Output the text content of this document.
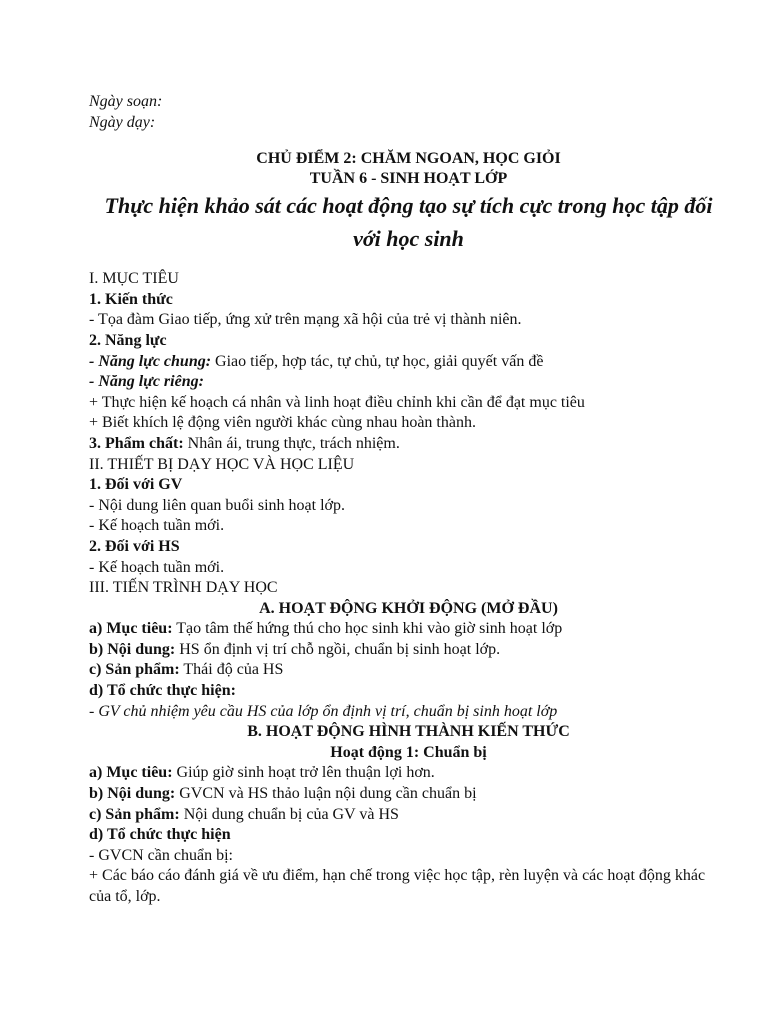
Ngày soạn:
Ngày dạy:
CHỦ ĐIỂM 2: CHĂM NGOAN, HỌC GIỎI
TUẦN 6 - SINH HOẠT LỚP
Thực hiện khảo sát các hoạt động tạo sự tích cực trong học tập đối với học sinh
I. MỤC TIÊU
1. Kiến thức
- Tọa đàm Giao tiếp, ứng xử trên mạng xã hội của trẻ vị thành niên.
2. Năng lực
- Năng lực chung: Giao tiếp, hợp tác, tự chủ, tự học, giải quyết vấn đề
- Năng lực riêng:
+ Thực hiện kế hoạch cá nhân và linh hoạt điều chỉnh khi cần để đạt mục tiêu
+ Biết khích lệ động viên người khác cùng nhau hoàn thành.
3. Phẩm chất: Nhân ái, trung thực, trách nhiệm.
II. THIẾT BỊ DẠY HỌC VÀ HỌC LIỆU
1. Đối với GV
- Nội dung liên quan buổi sinh hoạt lớp.
- Kế hoạch tuần mới.
2. Đối với HS
- Kế hoạch tuần mới.
III. TIẾN TRÌNH DẠY HỌC
A. HOẠT ĐỘNG KHỞI ĐỘNG (MỞ ĐẦU)
a) Mục tiêu: Tạo tâm thế hứng thú cho học sinh khi vào giờ sinh hoạt lớp
b) Nội dung: HS ổn định vị trí chỗ ngồi, chuẩn bị sinh hoạt lớp.
c) Sản phẩm: Thái độ của HS
d) Tổ chức thực hiện:
- GV chủ nhiệm yêu cầu HS của lớp ổn định vị trí, chuẩn bị sinh hoạt lớp
B. HOẠT ĐỘNG HÌNH THÀNH KIẾN THỨC
Hoạt động 1: Chuẩn bị
a) Mục tiêu: Giúp giờ sinh hoạt trở lên thuận lợi hơn.
b) Nội dung: GVCN và HS thảo luận nội dung cần chuẩn bị
c) Sản phẩm: Nội dung chuẩn bị của GV và HS
d) Tổ chức thực hiện
- GVCN cần chuẩn bị:
+ Các báo cáo đánh giá về ưu điểm, hạn chế trong việc học tập, rèn luyện và các hoạt động khác của tổ, lớp.
